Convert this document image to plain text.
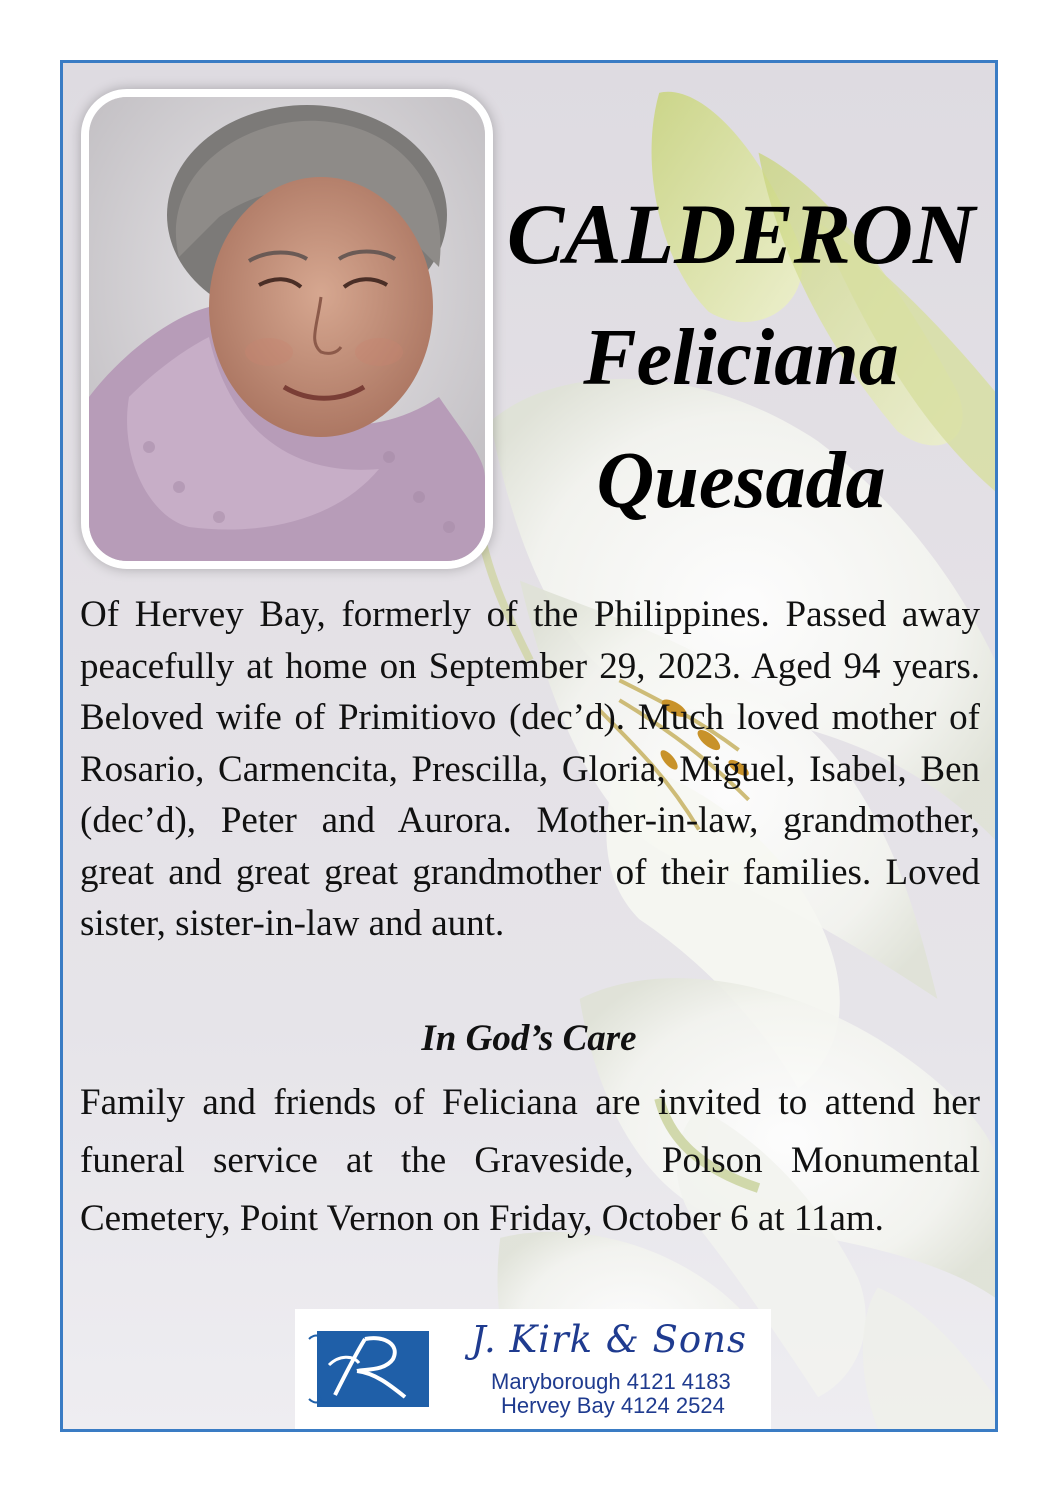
CALDERON
Feliciana
Quesada
Of Hervey Bay, formerly of the Philippines. Passed away peacefully at home on September 29, 2023. Aged 94 years. Beloved wife of Primitiovo (dec’d). Much loved mother of Rosario, Carmencita, Prescilla, Gloria, Miguel, Isabel, Ben (dec’d), Peter and Aurora. Mother-in-law, grandmother, great and great great grandmother of their families. Loved sister, sister-in-law and aunt.
In God’s Care
Family and friends of Feliciana are invited to attend her funeral service at the Graveside, Polson Monumental Cemetery, Point Vernon on Friday, October 6 at 11am.
J. Kirk & Sons
Maryborough 4121 4183
Hervey Bay 4124 2524
